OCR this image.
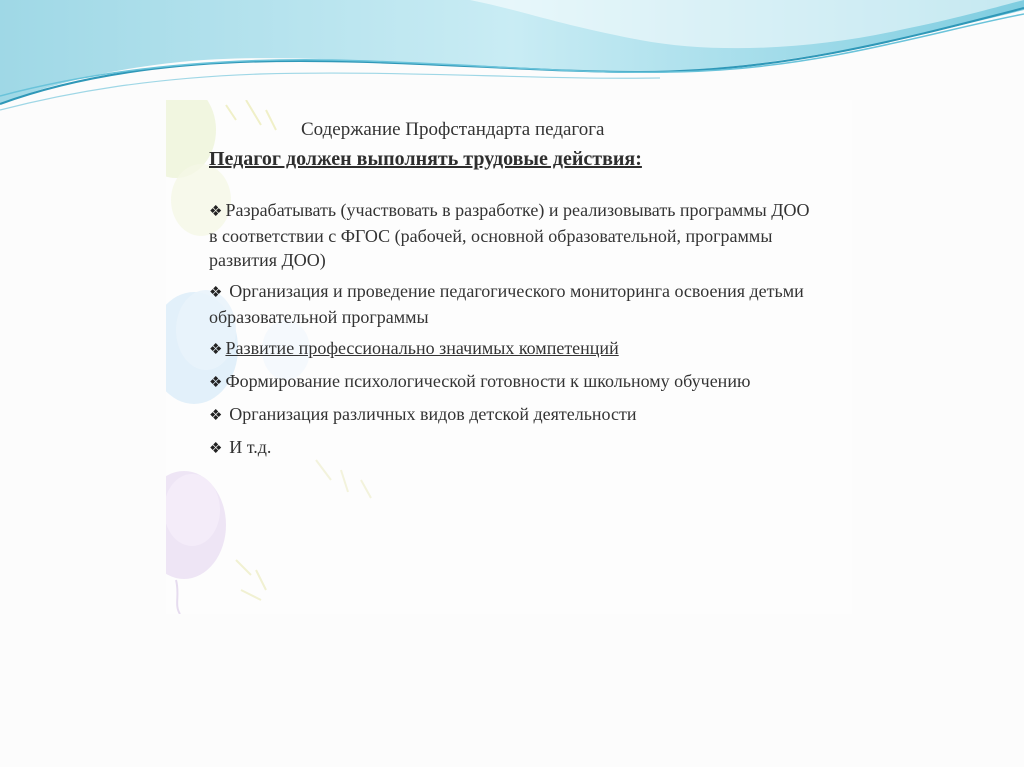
Содержание Профстандарта педагога
Педагог должен выполнять трудовые действия:
❖ Разрабатывать (участвовать в разработке) и реализовывать программы ДОО в соответствии с ФГОС (рабочей, основной образовательной, программы развития ДОО)
❖ Организация и проведение педагогического мониторинга освоения детьми образовательной программы
❖ Развитие профессионально значимых компетенций
❖ Формирование психологической готовности к школьному обучению
❖ Организация различных видов детской деятельности
❖ И т.д.
